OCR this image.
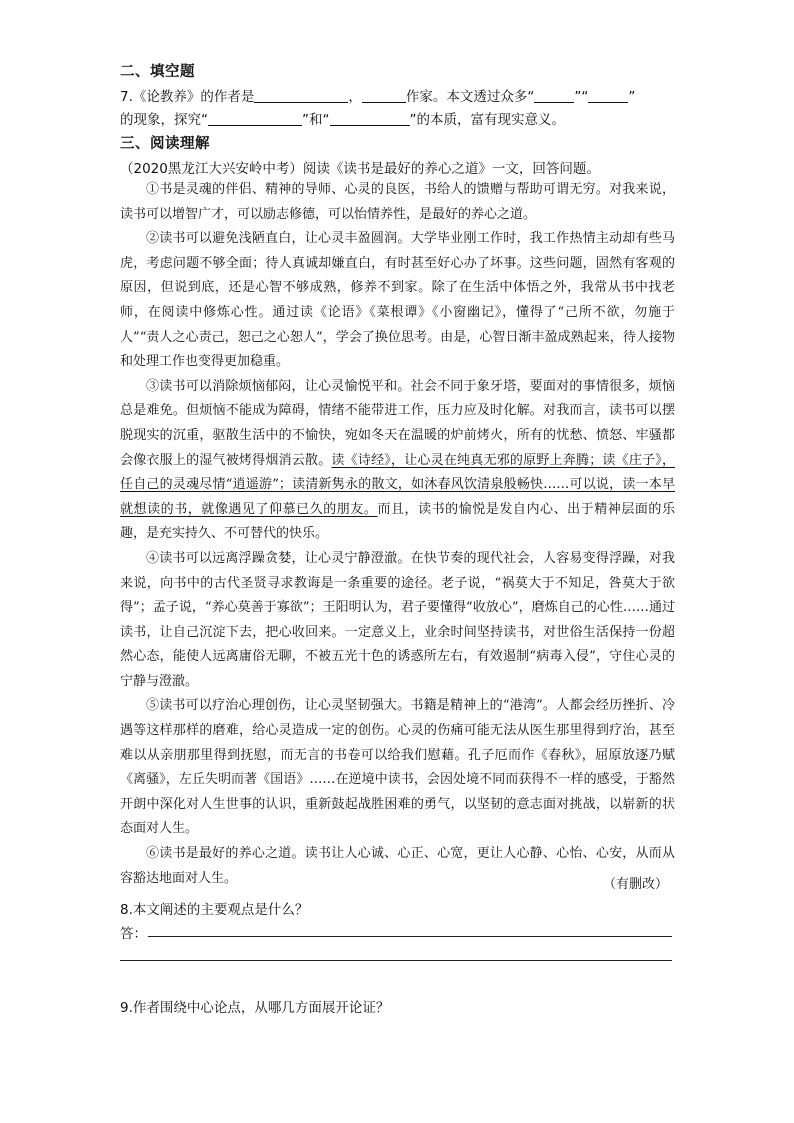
二、填空题
7.《论教养》的作者是	，	作家。本文透过众多“	”“	”
的现象，探究“	”和“	”的本质，富有现实意义。
三、阅读理解
（2020黑龙江大兴安岭中考）阅读《读书是最好的养心之道》一文，回答问题。

①书是灵魂的伴侣、精神的导师、心灵的良医，书给人的馈赠与帮助可谓无穷。对我来说，读书可以增智广才，可以励志修德，可以怡情养性，是最好的养心之道。

②读书可以避免浅陋直白，让心灵丰盈圆润。大学毕业刚工作时，我工作热情主动却有些马虎，考虑问题不够全面；待人真诚却嫌直白，有时甚至好心办了坏事。这些问题，固然有客观的原因，但说到底，还是心智不够成熟，修养不到家。除了在生活中体悟之外，我常从书中找老师，在阅读中修炼心性。通过读《论语》《菜根谭》《小窗幽记》，懂得了“己所不欲，勿施于人”“责人之心责己，恕己之心恕人”，学会了换位思考。由是，心智日渐丰盈成熟起来，待人接物和处理工作也变得更加稳重。

③读书可以消除烦恼郁闷，让心灵愉悦平和。社会不同于象牙塔，要面对的事情很多，烦恼总是难免。但烦恼不能成为障碍，情绪不能带进工作，压力应及时化解。对我而言，读书可以摆脱现实的沉重，驱散生活中的不愉快，宛如冬天在温暖的炉前烤火，所有的忧愁、愤怒、牢骚都会像衣服上的湿气被烤得烟消云散。读《诗经》，让心灵在纯真无邪的原野上奔腾；读《庄子》，任自己的灵魂尽情“逍遥游”；读清新隽永的散文，如沐春风饮清泉般畅快……可以说，读一本早就想读的书，就像遇见了仰慕已久的朋友。而且，读书的愉悦是发自内心、出于精神层面的乐趣，是充实持久、不可替代的快乐。

④读书可以远离浮躁贪婪，让心灵宁静澄澈。在快节奏的现代社会，人容易变得浮躁，对我来说，向书中的古代圣贤寻求教诲是一条重要的途径。老子说，“祸莫大于不知足，咎莫大于欲得”；孟子说，“养心莫善于寡欲”；王阳明认为，君子要懂得“收放心”，磨炼自己的心性……通过读书，让自己沉淀下去，把心收回来。一定意义上，业余时间坚持读书，对世俗生活保持一份超然心态，能使人远离庸俗无聊，不被五光十色的诱惑所左右，有效遏制“病毒入侵”，守住心灵的宁静与澄澈。

⑤读书可以疗治心理创伤，让心灵坚韧强大。书籍是精神上的“港湾”。人都会经历挫折、冷遇等这样那样的磨难，给心灵造成一定的创伤。心灵的伤痛可能无法从医生那里得到疗治，甚至难以从亲朋那里得到抚慰，而无言的书卷可以给我们慰藉。孔子厄而作《春秋》，屈原放逐乃赋《离骚》，左丘失明而著《国语》……在逆境中读书，会因处境不同而获得不一样的感受，于豁然开朗中深化对人生世事的认识，重新鼓起战胜困难的勇气，以坚韧的意志面对挑战，以崭新的状态面对人生。

⑥读书是最好的养心之道。读书让人心诚、心正、心宽，更让人心静、心怡、心安，从而从容豁达地面对人生。	（有删改）
8.本文阐述的主要观点是什么？
答：
9.作者围绕中心论点，从哪几方面展开论证？
